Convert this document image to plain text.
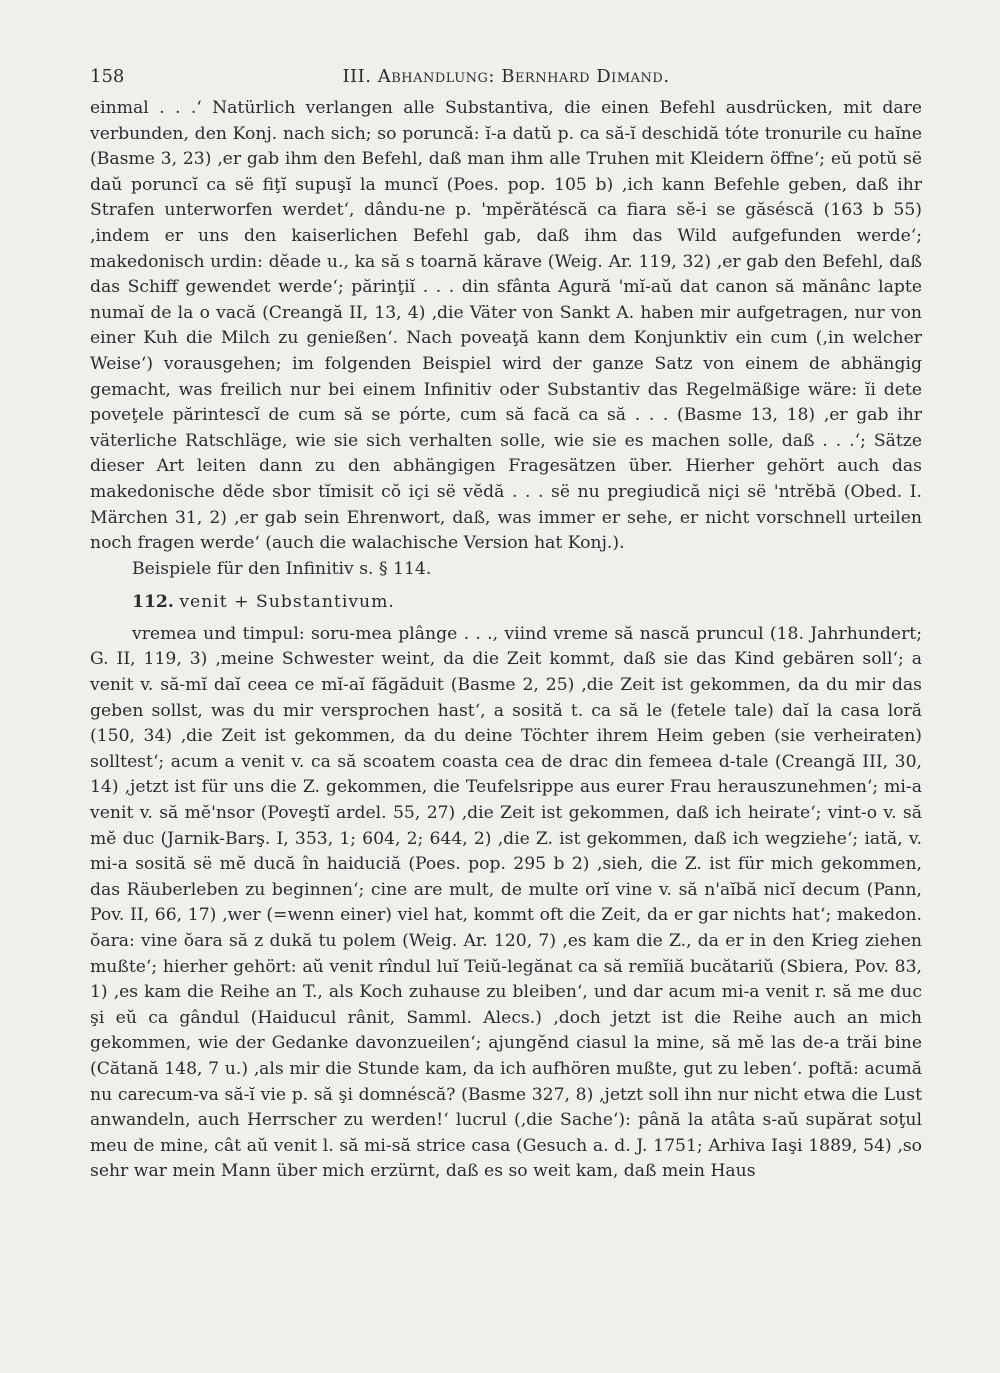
158	III. Abhandlung: Bernhard Dimand.

einmal . . .‘ Natürlich verlangen alle Substantiva, die einen Befehl ausdrücken, mit dare verbunden, den Konj. nach sich; so poruncă: ĭ-a datŭ p. ca să-ĭ deschidă tóte tronurile cu haĭne (Basme 3, 23) ‚er gab ihm den Befehl, daß man ihm alle Truhen mit Kleidern öffne‘; eŭ potŭ së daŭ poruncĭ ca së fiţĭ supuşĭ la muncĭ (Poes. pop. 105 b) ‚ich kann Befehle geben, daß ihr Strafen unterworfen werdet‘, dându-ne p. 'mpĕrătéscă ca fiara sĕ-i se găséscă (163 b 55) ‚indem er uns den kaiserlichen Befehl gab, daß ihm das Wild aufgefunden werde‘; makedonisch urdin: dĕade u., ka să s toarnă kărave (Weig. Ar. 119, 32) ‚er gab den Befehl, daß das Schiff gewendet werde‘; părinţiĭ . . . din sfânta Agură 'mĭ-aŭ dat canon să mănânc lapte numaĭ de la o vacă (Creangă II, 13, 4) ‚die Väter von Sankt A. haben mir aufgetragen, nur von einer Kuh die Milch zu genießen‘. Nach poveaţă kann dem Konjunktiv ein cum (‚in welcher Weise‘) vorausgehen; im folgenden Beispiel wird der ganze Satz von einem de abhängig gemacht, was freilich nur bei einem Infinitiv oder Substantiv das Regelmäßige wäre: ĭi dete poveţele părintescĭ de cum să se pórte, cum să facă ca să . . . (Basme 13, 18) ‚er gab ihr väterliche Ratschläge, wie sie sich verhalten solle, wie sie es machen solle, daß . . .‘; Sätze dieser Art leiten dann zu den abhängigen Fragesätzen über. Hierher gehört auch das makedonische dĕde sbor tĭmisit cŏ içi së vĕdă . . . së nu pregiudică niçi së 'ntrĕbă (Obed. I. Märchen 31, 2) ‚er gab sein Ehrenwort, daß, was immer er sehe, er nicht vorschnell urteilen noch fragen werde‘ (auch die walachische Version hat Konj.).

Beispiele für den Infinitiv s. § 114.

112. venit + Substantivum.

vremea und timpul: soru-mea plânge . . ., viind vreme să nască pruncul (18. Jahrhundert; G. II, 119, 3) ‚meine Schwester weint, da die Zeit kommt, daß sie das Kind gebären soll‘; a venit v. să-mĭ daĭ ceea ce mĭ-aĭ făgăduit (Basme 2, 25) ‚die Zeit ist gekommen, da du mir das geben sollst, was du mir versprochen hast‘, a sosită t. ca să le (fetele tale) daĭ la casa loră (150, 34) ‚die Zeit ist gekommen, da du deine Töchter ihrem Heim geben (sie verheiraten) solltest‘; acum a venit v. ca să scoatem coasta cea de drac din femeea d-tale (Creangă III, 30, 14) ‚jetzt ist für uns die Z. gekommen, die Teufelsrippe aus eurer Frau herauszunehmen‘; mi-a venit v. să mĕ'nsor (Poveştĭ ardel. 55, 27) ‚die Zeit ist gekommen, daß ich heirate‘; vint-o v. să mĕ duc (Jarnik-Barş. I, 353, 1; 604, 2; 644, 2) ‚die Z. ist gekommen, daß ich wegziehe‘; iată, v. mi-a sosită së mĕ ducă în haiduciă (Poes. pop. 295 b 2) ‚sieh, die Z. ist für mich gekommen, das Räuberleben zu beginnen‘; cine are mult, de multe orĭ vine v. să n'aĭbă nicĭ decum (Pann, Pov. II, 66, 17) ‚wer (=wenn einer) viel hat, kommt oft die Zeit, da er gar nichts hat‘; makedon. ŏara: vine ŏara să z dukă tu polem (Weig. Ar. 120, 7) ‚es kam die Z., da er in den Krieg ziehen mußte‘; hierher gehört: aŭ venit rîndul luĭ Teiŭ-legănat ca să remĭiă bucătariŭ (Sbiera, Pov. 83, 1) ‚es kam die Reihe an T., als Koch zuhause zu bleiben‘, und dar acum mi-a venit r. să me duc şi eŭ ca gândul (Haiducul rânit, Samml. Alecs.) ‚doch jetzt ist die Reihe auch an mich gekommen, wie der Gedanke davonzueilen‘; ajungĕnd ciasul la mine, să mĕ las de-a trăi bine (Cătană 148, 7 u.) ‚als mir die Stunde kam, da ich aufhören mußte, gut zu leben‘. poftă: acumă nu carecum-va să-ĭ vie p. să şi domnéscă? (Basme 327, 8) ‚jetzt soll ihn nur nicht etwa die Lust anwandeln, auch Herrscher zu werden!‘ lucrul (‚die Sache‘): până la atâta s-aŭ supărat soţul meu de mine, cât aŭ venit l. să mi-să strice casa (Gesuch a. d. J. 1751; Arhiva Iaşi 1889, 54) ‚so sehr war mein Mann über mich erzürnt, daß es so weit kam, daß mein Haus
